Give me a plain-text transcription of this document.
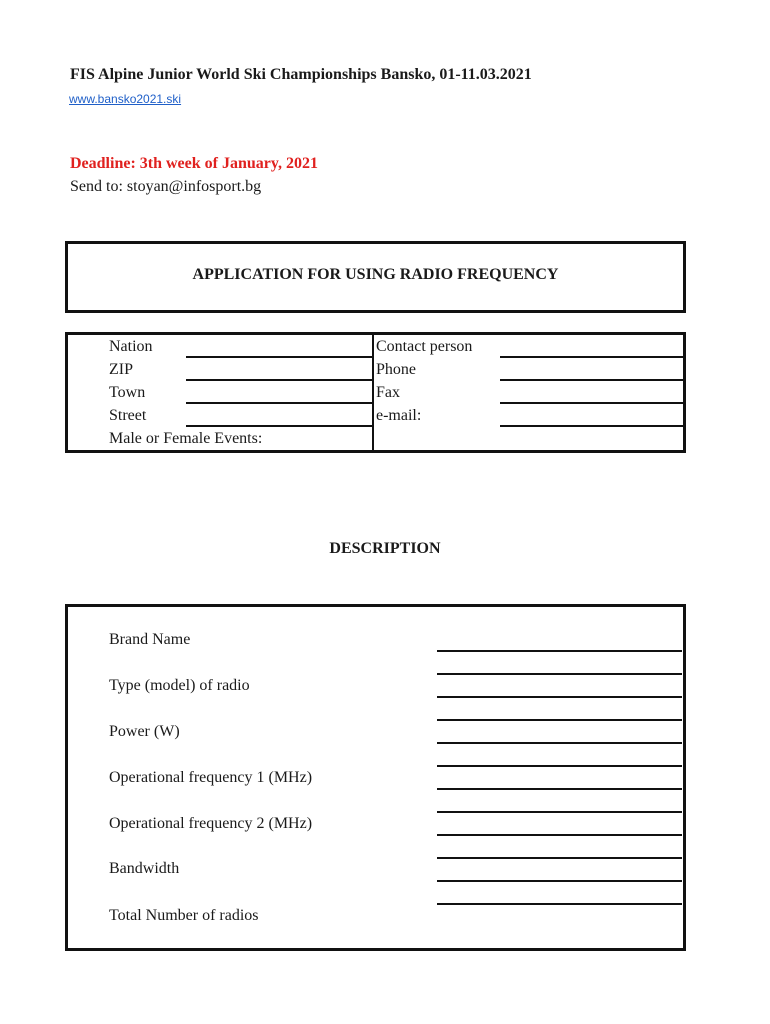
FIS Alpine Junior World Ski Championships Bansko, 01-11.03.2021
www.bansko2021.ski
Deadline: 3th week of January, 2021
Send to: stoyan@infosport.bg
APPLICATION FOR USING RADIO FREQUENCY
Nation
ZIP
Town
Street
Male or Female Events:
Contact person
Phone
Fax
e-mail:
DESCRIPTION
Brand Name
Type (model) of radio
Power (W)
Operational frequency 1 (MHz)
Operational frequency 2 (MHz)
Bandwidth
Total Number of radios
